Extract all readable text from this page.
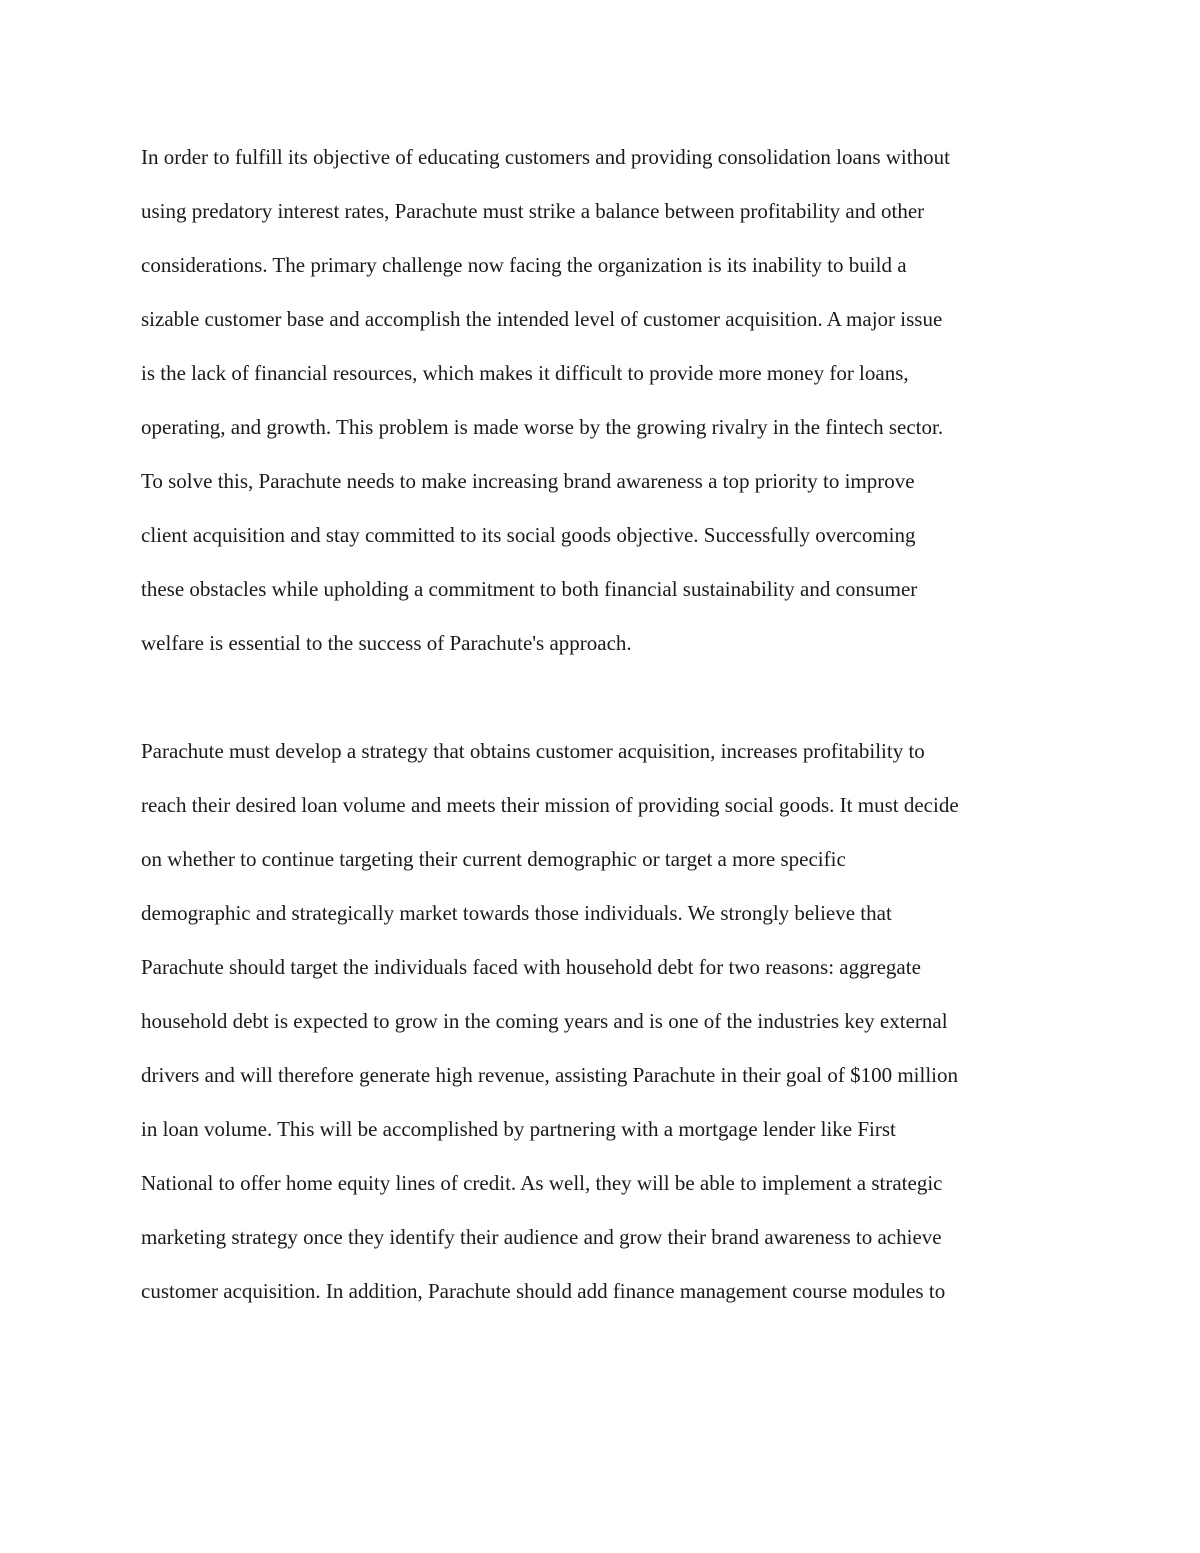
In order to fulfill its objective of educating customers and providing consolidation loans without
using predatory interest rates, Parachute must strike a balance between profitability and other
considerations. The primary challenge now facing the organization is its inability to build a
sizable customer base and accomplish the intended level of customer acquisition. A major issue
is the lack of financial resources, which makes it difficult to provide more money for loans,
operating, and growth. This problem is made worse by the growing rivalry in the fintech sector.
To solve this, Parachute needs to make increasing brand awareness a top priority to improve
client acquisition and stay committed to its social goods objective. Successfully overcoming
these obstacles while upholding a commitment to both financial sustainability and consumer
welfare is essential to the success of Parachute's approach.

Parachute must develop a strategy that obtains customer acquisition, increases profitability to
reach their desired loan volume and meets their mission of providing social goods. It must decide
on whether to continue targeting their current demographic or target a more specific
demographic and strategically market towards those individuals. We strongly believe that
Parachute should target the individuals faced with household debt for two reasons: aggregate
household debt is expected to grow in the coming years and is one of the industries key external
drivers and will therefore generate high revenue, assisting Parachute in their goal of $100 million
in loan volume. This will be accomplished by partnering with a mortgage lender like First
National to offer home equity lines of credit. As well, they will be able to implement a strategic
marketing strategy once they identify their audience and grow their brand awareness to achieve
customer acquisition. In addition, Parachute should add finance management course modules to
